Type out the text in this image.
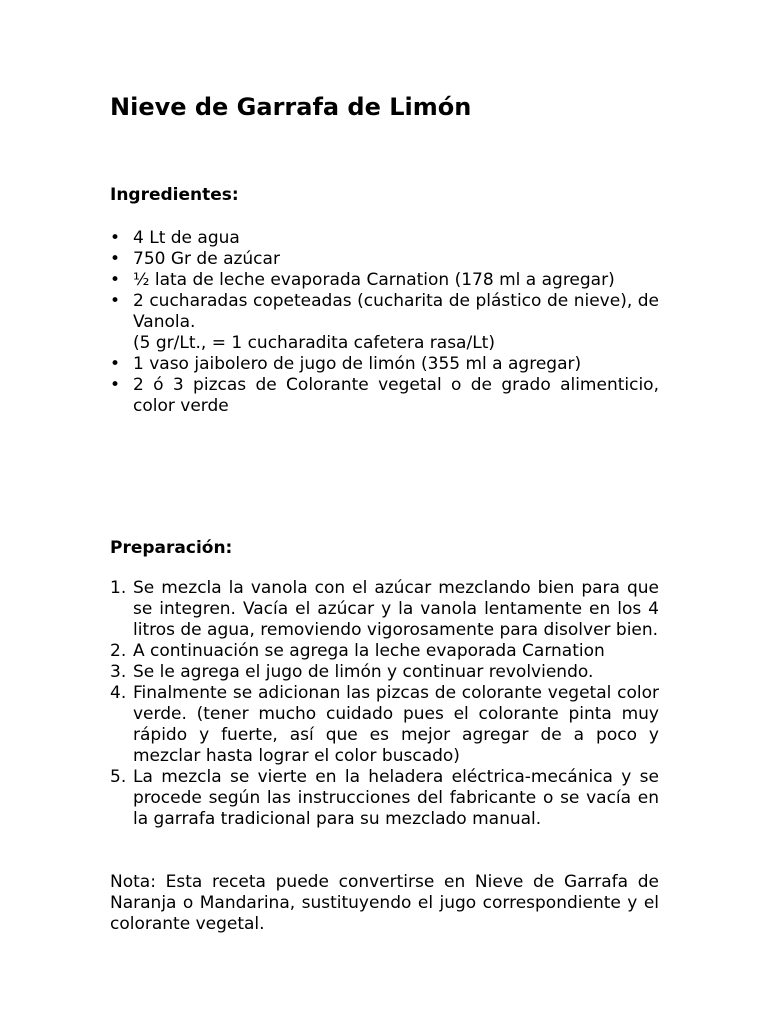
Nieve de Garrafa de Limón
Ingredientes:
• 4 Lt de agua
• 750 Gr de azúcar
• ½ lata de leche evaporada Carnation (178 ml a agregar)
• 2 cucharadas copeteadas (cucharita de plástico de nieve), de Vanola.
(5 gr/Lt., = 1 cucharadita cafetera rasa/Lt)
• 1 vaso jaibolero de jugo de limón (355 ml a agregar)
• 2 ó 3 pizcas de Colorante vegetal o de grado alimenticio, color verde
Preparación:
1. Se mezcla la vanola con el azúcar mezclando bien para que se integren. Vacía el azúcar y la vanola lentamente en los 4 litros de agua, removiendo vigorosamente para disolver bien.
2. A continuación se agrega la leche evaporada Carnation
3. Se le agrega el jugo de limón y continuar revolviendo.
4. Finalmente se adicionan las pizcas de colorante vegetal color verde. (tener mucho cuidado pues el colorante pinta muy rápido y fuerte, así que es mejor agregar de a poco y mezclar hasta lograr el color buscado)
5. La mezcla se vierte en la heladera eléctrica-mecánica y se procede según las instrucciones del fabricante o se vacía en la garrafa tradicional para su mezclado manual.

Nota: Esta receta puede convertirse en Nieve de Garrafa de Naranja o Mandarina, sustituyendo el jugo correspondiente y el colorante vegetal.
